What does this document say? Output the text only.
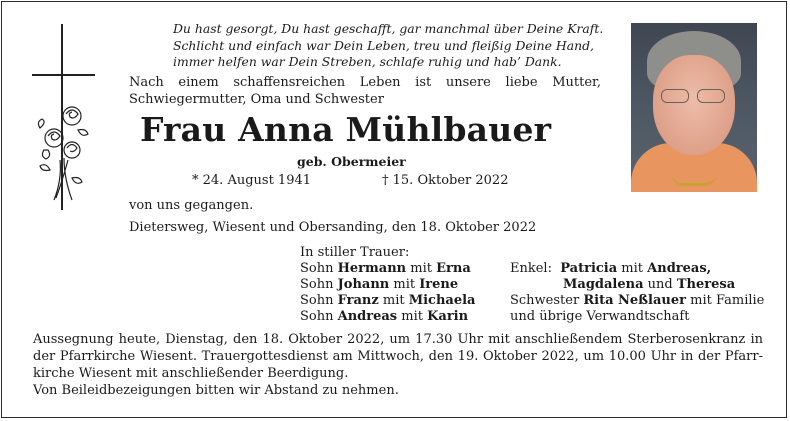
Du hast gesorgt, Du hast geschafft, gar manchmal über Deine Kraft.
Schlicht und einfach war Dein Leben, treu und fleißig Deine Hand,
immer helfen war Dein Streben, schlafe ruhig und hab’ Dank.
Nach einem schaffensreichen Leben ist unsere liebe Mutter,
Schwiegermutter, Oma und Schwester
Frau Anna Mühlbauer
geb. Obermeier
* 24. August 1941	† 15. Oktober 2022
von uns gegangen.
Dietersweg, Wiesent und Obersanding, den 18. Oktober 2022
In stiller Trauer:
Sohn Hermann mit Erna
Sohn Johann mit Irene
Sohn Franz mit Michaela
Sohn Andreas mit Karin
Enkel: Patricia mit Andreas,
Magdalena und Theresa
Schwester Rita Neßlauer mit Familie
und übrige Verwandtschaft
Aussegnung heute, Dienstag, den 18. Oktober 2022, um 17.30 Uhr mit anschließendem Sterberosenkranz in
der Pfarrkirche Wiesent. Trauergottesdienst am Mittwoch, den 19. Oktober 2022, um 10.00 Uhr in der Pfarr-
kirche Wiesent mit anschließender Beerdigung.
Von Beileidbezeigungen bitten wir Abstand zu nehmen.
